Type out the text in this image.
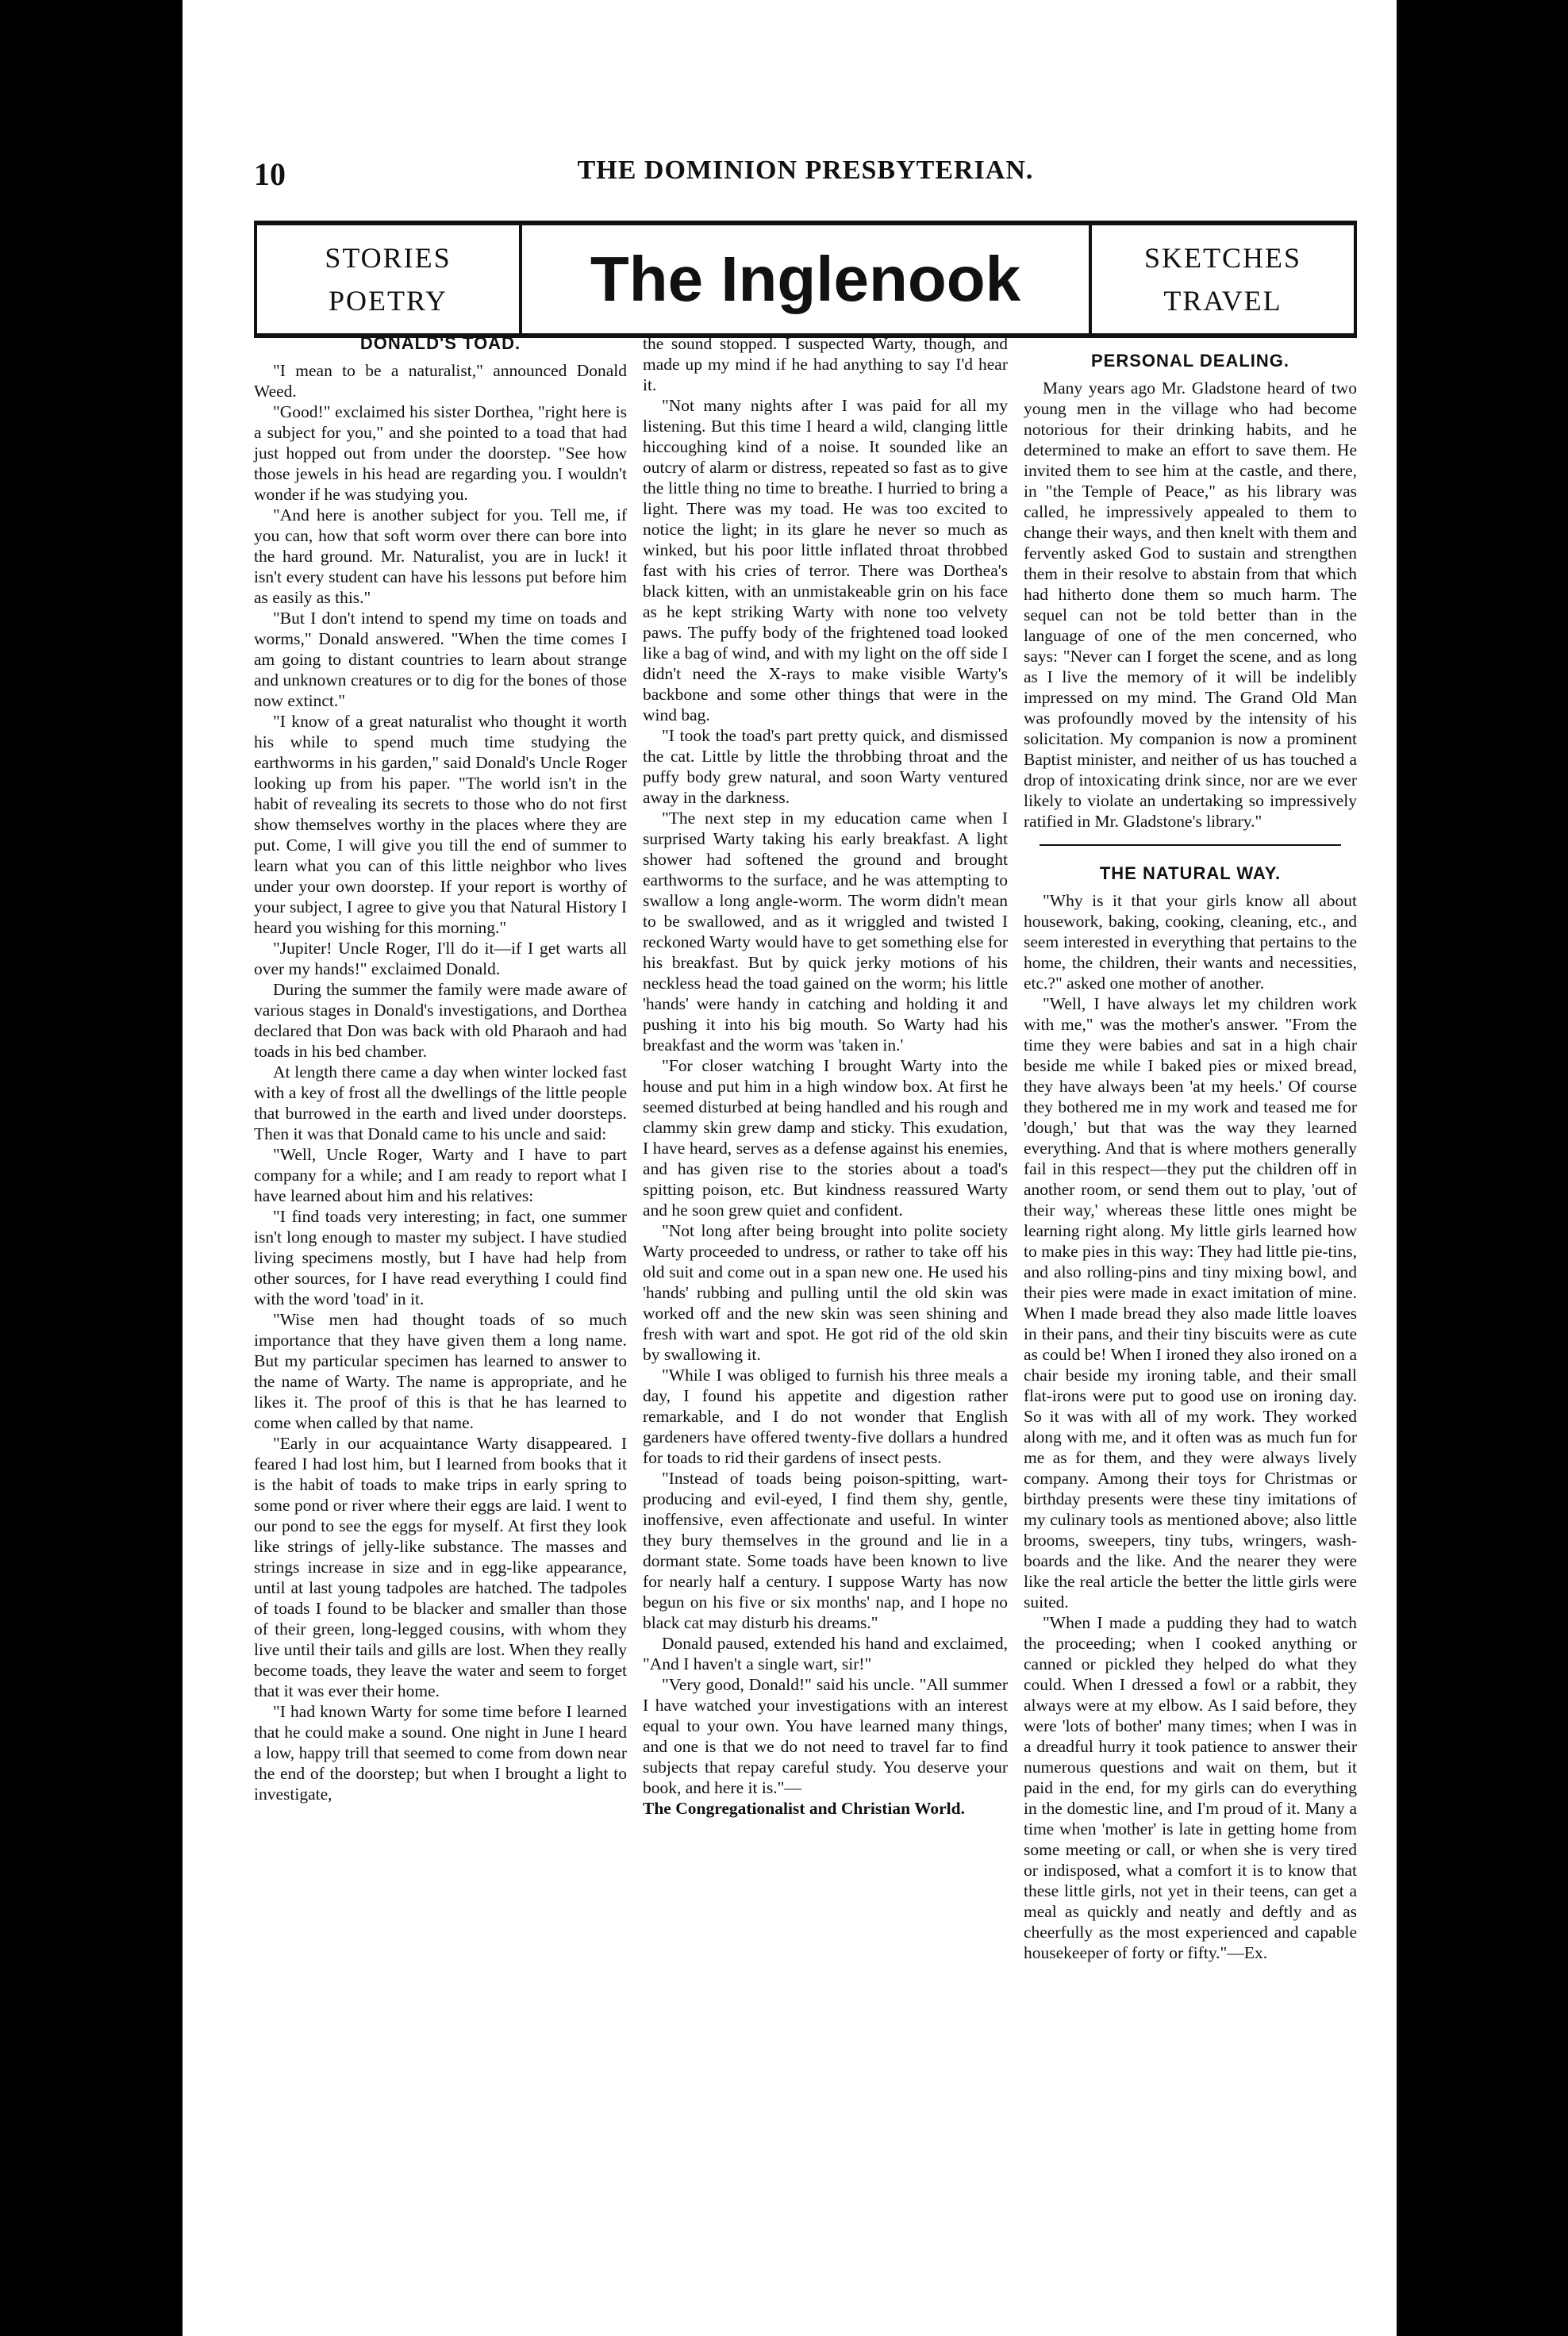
10	THE DOMINION PRESBYTERIAN.
STORIES
POETRY	The Inglenook	SKETCHES
TRAVEL
DONALD'S TOAD.

"I mean to be a naturalist," announced Donald Weed.

"Good!" exclaimed his sister Dorthea, "right here is a subject for you," and she pointed to a toad that had just hopped out from under the doorstep. "See how those jewels in his head are regarding you. I wouldn't wonder if he was studying you.

"And here is another subject for you. Tell me, if you can, how that soft worm over there can bore into the hard ground. Mr. Naturalist, you are in luck! it isn't every student can have his lessons put before him as easily as this."

"But I don't intend to spend my time on toads and worms," Donald answered. "When the time comes I am going to distant countries to learn about strange and unknown creatures or to dig for the bones of those now extinct."

"I know of a great naturalist who thought it worth his while to spend much time studying the earthworms in his garden," said Donald's Uncle Roger looking up from his paper. "The world isn't in the habit of revealing its secrets to those who do not first show themselves worthy in the places where they are put. Come, I will give you till the end of summer to learn what you can of this little neighbor who lives under your own doorstep. If your report is worthy of your subject, I agree to give you that Natural History I heard you wishing for this morning."

"Jupiter! Uncle Roger, I'll do it—if I get warts all over my hands!" exclaimed Donald.

During the summer the family were made aware of various stages in Donald's investigations, and Dorthea declared that Don was back with old Pharaoh and had toads in his bed chamber.

At length there came a day when winter locked fast with a key of frost all the dwellings of the little people that burrowed in the earth and lived under doorsteps. Then it was that Donald came to his uncle and said:

"Well, Uncle Roger, Warty and I have to part company for a while; and I am ready to report what I have learned about him and his relatives:

"I find toads very interesting; in fact, one summer isn't long enough to master my subject. I have studied living specimens mostly, but I have had help from other sources, for I have read everything I could find with the word 'toad' in it.

"Wise men had thought toads of so much importance that they have given them a long name. But my particular specimen has learned to answer to the name of Warty. The name is appropriate, and he likes it. The proof of this is that he has learned to come when called by that name.

"Early in our acquaintance Warty disappeared. I feared I had lost him, but I learned from books that it is the habit of toads to make trips in early spring to some pond or river where their eggs are laid. I went to our pond to see the eggs for myself. At first they look like strings of jelly-like substance. The masses and strings increase in size and in egg-like appearance, until at last young tadpoles are hatched. The tadpoles of toads I found to be blacker and smaller than those of their green, long-legged cousins, with whom they live until their tails and gills are lost. When they really become toads, they leave the water and seem to forget that it was ever their home.

"I had known Warty for some time before I learned that he could make a sound. One night in June I heard a low, happy trill that seemed to come from down near the end of the doorstep; but when I brought a light to investigate,

the sound stopped. I suspected Warty, though, and made up my mind if he had anything to say I'd hear it.

"Not many nights after I was paid for all my listening. But this time I heard a wild, clanging little hiccoughing kind of a noise. It sounded like an outcry of alarm or distress, repeated so fast as to give the little thing no time to breathe. I hurried to bring a light. There was my toad. He was too excited to notice the light; in its glare he never so much as winked, but his poor little inflated throat throbbed fast with his cries of terror. There was Dorthea's black kitten, with an unmistakeable grin on his face as he kept striking Warty with none too velvety paws. The puffy body of the frightened toad looked like a bag of wind, and with my light on the off side I didn't need the X-rays to make visible Warty's backbone and some other things that were in the wind bag.

"I took the toad's part pretty quick, and dismissed the cat. Little by little the throbbing throat and the puffy body grew natural, and soon Warty ventured away in the darkness.

"The next step in my education came when I surprised Warty taking his early breakfast. A light shower had softened the ground and brought earthworms to the surface, and he was attempting to swallow a long angle-worm. The worm didn't mean to be swallowed, and as it wriggled and twisted I reckoned Warty would have to get something else for his breakfast. But by quick jerky motions of his neckless head the toad gained on the worm; his little 'hands' were handy in catching and holding it and pushing it into his big mouth. So Warty had his breakfast and the worm was 'taken in.'

"For closer watching I brought Warty into the house and put him in a high window box. At first he seemed disturbed at being handled and his rough and clammy skin grew damp and sticky. This exudation, I have heard, serves as a defense against his enemies, and has given rise to the stories about a toad's spitting poison, etc. But kindness reassured Warty and he soon grew quiet and confident.

"Not long after being brought into polite society Warty proceeded to undress, or rather to take off his old suit and come out in a span new one. He used his 'hands' rubbing and pulling until the old skin was worked off and the new skin was seen shining and fresh with wart and spot. He got rid of the old skin by swallowing it.

"While I was obliged to furnish his three meals a day, I found his appetite and digestion rather remarkable, and I do not wonder that English gardeners have offered twenty-five dollars a hundred for toads to rid their gardens of insect pests.

"Instead of toads being poison-spitting, wart-producing and evil-eyed, I find them shy, gentle, inoffensive, even affectionate and useful. In winter they bury themselves in the ground and lie in a dormant state. Some toads have been known to live for nearly half a century. I suppose Warty has now begun on his five or six months' nap, and I hope no black cat may disturb his dreams."

Donald paused, extended his hand and exclaimed, "And I haven't a single wart, sir!"

"Very good, Donald!" said his uncle. "All summer I have watched your investigations with an interest equal to your own. You have learned many things, and one is that we do not need to travel far to find subjects that repay careful study. You deserve your book, and here it is."—

The Congregationalist and Christian World.

PERSONAL DEALING.

Many years ago Mr. Gladstone heard of two young men in the village who had become notorious for their drinking habits, and he determined to make an effort to save them. He invited them to see him at the castle, and there, in "the Temple of Peace," as his library was called, he impressively appealed to them to change their ways, and then knelt with them and fervently asked God to sustain and strengthen them in their resolve to abstain from that which had hitherto done them so much harm. The sequel can not be told better than in the language of one of the men concerned, who says: "Never can I forget the scene, and as long as I live the memory of it will be indelibly impressed on my mind. The Grand Old Man was profoundly moved by the intensity of his solicitation. My companion is now a prominent Baptist minister, and neither of us has touched a drop of intoxicating drink since, nor are we ever likely to violate an undertaking so impressively ratified in Mr. Gladstone's library."

THE NATURAL WAY.

"Why is it that your girls know all about housework, baking, cooking, cleaning, etc., and seem interested in everything that pertains to the home, the children, their wants and necessities, etc.?" asked one mother of another.

"Well, I have always let my children work with me," was the mother's answer. "From the time they were babies and sat in a high chair beside me while I baked pies or mixed bread, they have always been 'at my heels.' Of course they bothered me in my work and teased me for 'dough,' but that was the way they learned everything. And that is where mothers generally fail in this respect—they put the children off in another room, or send them out to play, 'out of their way,' whereas these little ones might be learning right along. My little girls learned how to make pies in this way: They had little pie-tins, and also rolling-pins and tiny mixing bowl, and their pies were made in exact imitation of mine. When I made bread they also made little loaves in their pans, and their tiny biscuits were as cute as could be! When I ironed they also ironed on a chair beside my ironing table, and their small flat-irons were put to good use on ironing day. So it was with all of my work. They worked along with me, and it often was as much fun for me as for them, and they were always lively company. Among their toys for Christmas or birthday presents were these tiny imitations of my culinary tools as mentioned above; also little brooms, sweepers, tiny tubs, wringers, wash-boards and the like. And the nearer they were like the real article the better the little girls were suited.

"When I made a pudding they had to watch the proceeding; when I cooked anything or canned or pickled they helped do what they could. When I dressed a fowl or a rabbit, they always were at my elbow. As I said before, they were 'lots of bother' many times; when I was in a dreadful hurry it took patience to answer their numerous questions and wait on them, but it paid in the end, for my girls can do everything in the domestic line, and I'm proud of it. Many a time when 'mother' is late in getting home from some meeting or call, or when she is very tired or indisposed, what a comfort it is to know that these little girls, not yet in their teens, can get a meal as quickly and neatly and deftly and as cheerfully as the most experienced and capable housekeeper of forty or fifty."—Ex.
